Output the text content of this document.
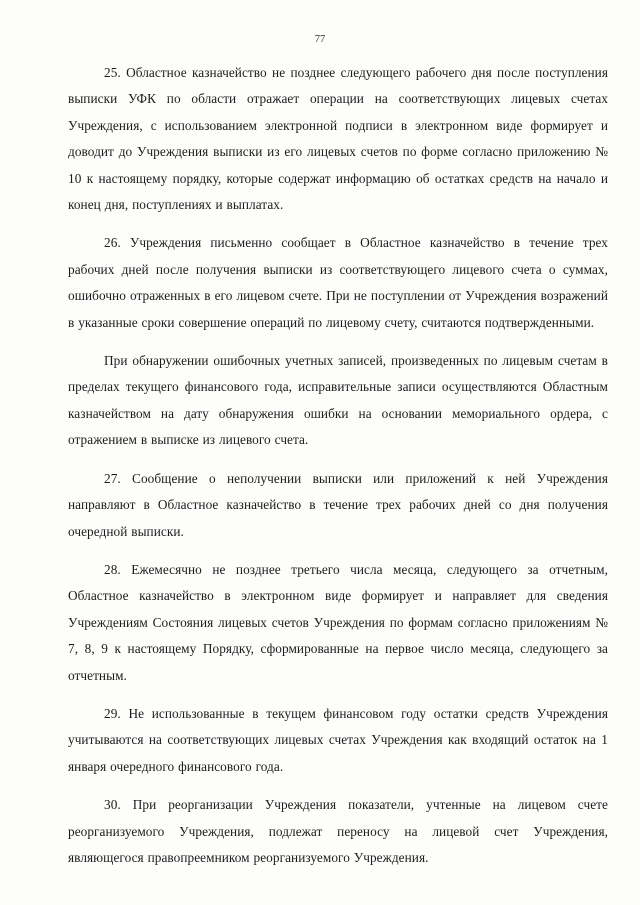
77

25. Областное казначейство не позднее следующего рабочего дня после поступления выписки УФК по области отражает операции на соответствующих лицевых счетах Учреждения, с использованием электронной подписи в электронном виде формирует и доводит до Учреждения выписки из его лицевых счетов по форме согласно приложению № 10 к настоящему порядку, которые содержат информацию об остатках средств на начало и конец дня, поступлениях и выплатах.

26. Учреждения письменно сообщает в Областное казначейство в течение трех рабочих дней после получения выписки из соответствующего лицевого счета о суммах, ошибочно отраженных в его лицевом счете. При не поступлении от Учреждения возражений в указанные сроки совершение операций по лицевому счету, считаются подтвержденными.

При обнаружении ошибочных учетных записей, произведенных по лицевым счетам в пределах текущего финансового года, исправительные записи осуществляются Областным казначейством на дату обнаружения ошибки на основании мемориального ордера, с отражением в выписке из лицевого счета.

27. Сообщение о неполучении выписки или приложений к ней Учреждения направляют в Областное казначейство в течение трех рабочих дней со дня получения очередной выписки.

28. Ежемесячно не позднее третьего числа месяца, следующего за отчетным, Областное казначейство в электронном виде формирует и направляет для сведения Учреждениям Состояния лицевых счетов Учреждения по формам согласно приложениям № 7, 8, 9 к настоящему Порядку, сформированные на первое число месяца, следующего за отчетным.

29. Не использованные в текущем финансовом году остатки средств Учреждения учитываются на соответствующих лицевых счетах Учреждения как входящий остаток на 1 января очередного финансового года.

30. При реорганизации Учреждения показатели, учтенные на лицевом счете реорганизуемого Учреждения, подлежат переносу на лицевой счет Учреждения, являющегося правопреемником реорганизуемого Учреждения.
